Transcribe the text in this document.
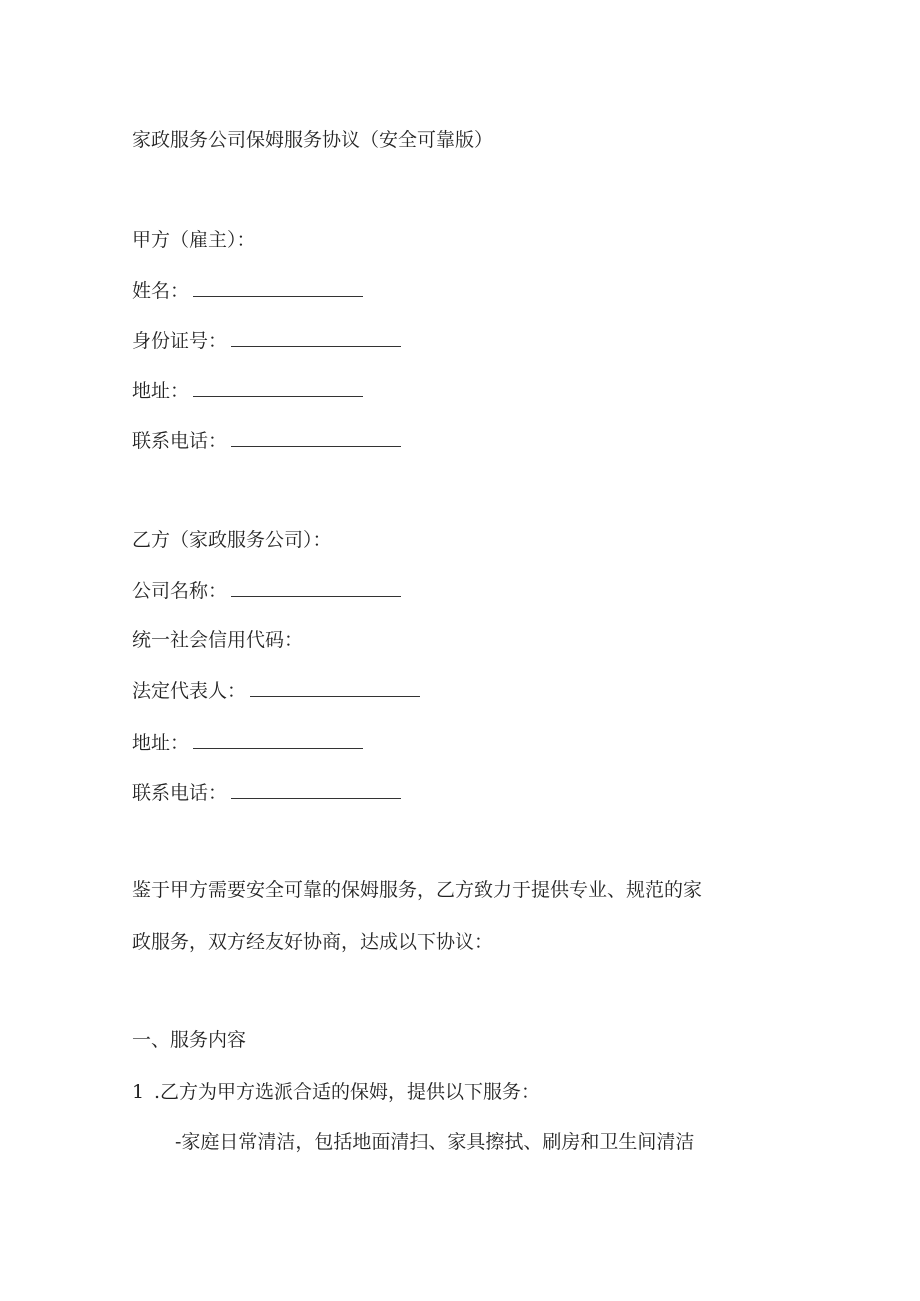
家政服务公司保姆服务协议（安全可靠版）
甲方（雇主）：
姓名：
身份证号：
地址：
联系电话：
乙方（家政服务公司）：
公司名称：
统一社会信用代码：
法定代表人：
地址：
联系电话：
鉴于甲方需要安全可靠的保姆服务，乙方致力于提供专业、规范的家
政服务，双方经友好协商，达成以下协议：
一、服务内容
1 .乙方为甲方选派合适的保姆，提供以下服务：
-家庭日常清洁，包括地面清扫、家具擦拭、刷房和卫生间清洁
